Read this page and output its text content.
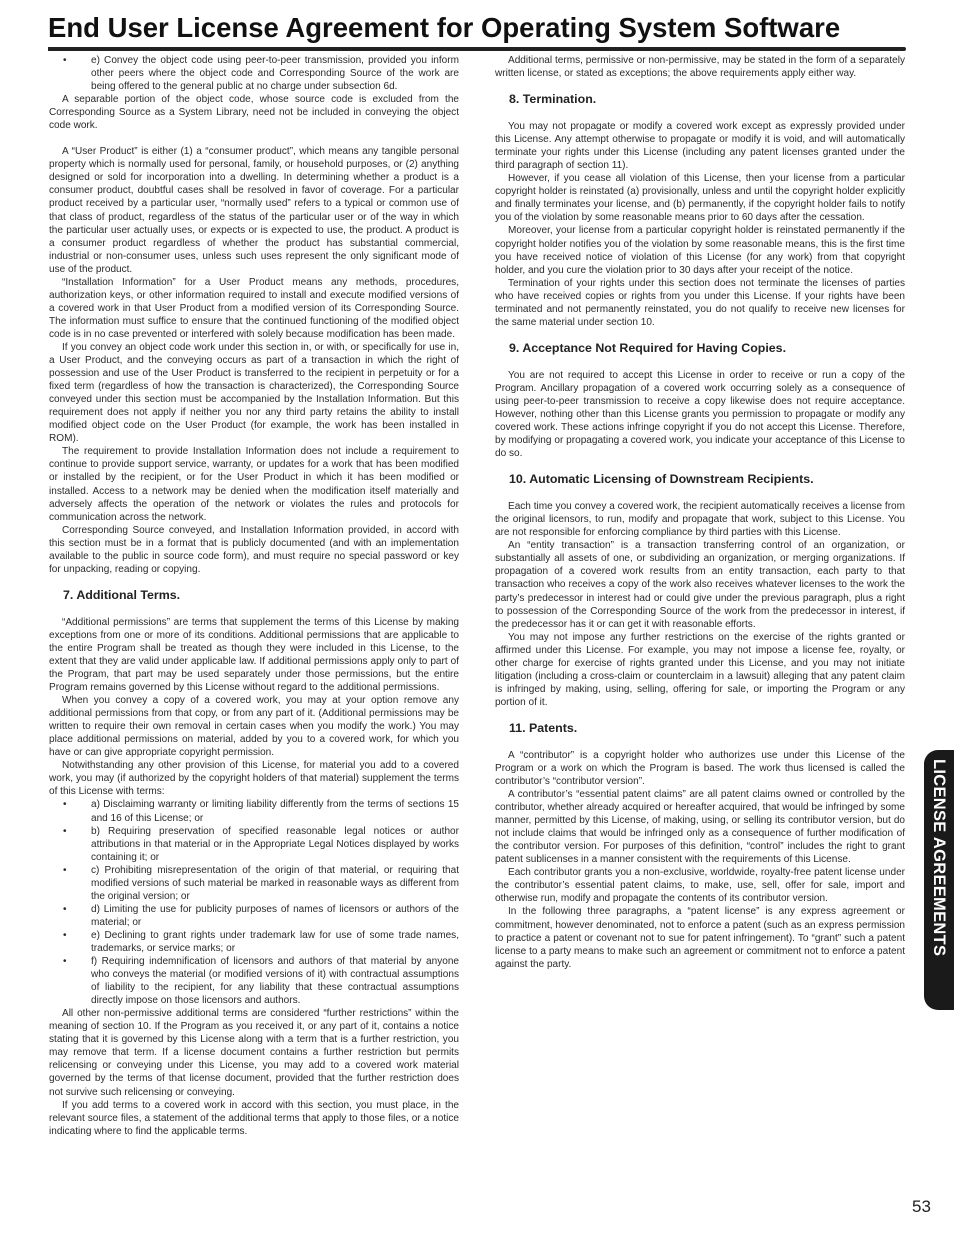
End User License Agreement for Operating System Software
• e) Convey the object code using peer-to-peer transmission, provided you inform other peers where the object code and Corresponding Source of the work are being offered to the general public at no charge under subsection 6d.

A separable portion of the object code, whose source code is excluded from the Corresponding Source as a System Library, need not be included in conveying the object code work.

A “User Product” is either (1) a “consumer product”, which means any tangible personal property which is normally used for personal, family, or household purposes, or (2) anything designed or sold for incorporation into a dwelling. In determining whether a product is a consumer product, doubtful cases shall be resolved in favor of coverage. For a particular product received by a particular user, “normally used” refers to a typical or common use of that class of product, regardless of the status of the particular user or of the way in which the particular user actually uses, or expects or is expected to use, the product. A product is a consumer product regardless of whether the product has substantial commercial, industrial or non-consumer uses, unless such uses represent the only significant mode of use of the product.

“Installation Information” for a User Product means any methods, procedures, authorization keys, or other information required to install and execute modified versions of a covered work in that User Product from a modified version of its Corresponding Source. The information must suffice to ensure that the continued functioning of the modified object code is in no case prevented or interfered with solely because modification has been made.

If you convey an object code work under this section in, or with, or specifically for use in, a User Product, and the conveying occurs as part of a transaction in which the right of possession and use of the User Product is transferred to the recipient in perpetuity or for a fixed term (regardless of how the transaction is characterized), the Corresponding Source conveyed under this section must be accompanied by the Installation Information. But this requirement does not apply if neither you nor any third party retains the ability to install modified object code on the User Product (for example, the work has been installed in ROM).

The requirement to provide Installation Information does not include a requirement to continue to provide support service, warranty, or updates for a work that has been modified or installed by the recipient, or for the User Product in which it has been modified or installed. Access to a network may be denied when the modification itself materially and adversely affects the operation of the network or violates the rules and protocols for communication across the network.

Corresponding Source conveyed, and Installation Information provided, in accord with this section must be in a format that is publicly documented (and with an implementation available to the public in source code form), and must require no special password or key for unpacking, reading or copying.

7. Additional Terms.

“Additional permissions” are terms that supplement the terms of this License by making exceptions from one or more of its conditions. Additional permissions that are applicable to the entire Program shall be treated as though they were included in this License, to the extent that they are valid under applicable law. If additional permissions apply only to part of the Program, that part may be used separately under those permissions, but the entire Program remains governed by this License without regard to the additional permissions.

When you convey a copy of a covered work, you may at your option remove any additional permissions from that copy, or from any part of it. (Additional permissions may be written to require their own removal in certain cases when you modify the work.) You may place additional permissions on material, added by you to a covered work, for which you have or can give appropriate copyright permission.

Notwithstanding any other provision of this License, for material you add to a covered work, you may (if authorized by the copyright holders of that material) supplement the terms of this License with terms:

• a) Disclaiming warranty or limiting liability differently from the terms of sections 15 and 16 of this License; or
• b) Requiring preservation of specified reasonable legal notices or author attributions in that material or in the Appropriate Legal Notices displayed by works containing it; or
• c) Prohibiting misrepresentation of the origin of that material, or requiring that modified versions of such material be marked in reasonable ways as different from the original version; or
• d) Limiting the use for publicity purposes of names of licensors or authors of the material; or
• e) Declining to grant rights under trademark law for use of some trade names, trademarks, or service marks; or
• f) Requiring indemnification of licensors and authors of that material by anyone who conveys the material (or modified versions of it) with contractual assumptions of liability to the recipient, for any liability that these contractual assumptions directly impose on those licensors and authors.

All other non-permissive additional terms are considered “further restrictions” within the meaning of section 10. If the Program as you received it, or any part of it, contains a notice stating that it is governed by this License along with a term that is a further restriction, you may remove that term. If a license document contains a further restriction but permits relicensing or conveying under this License, you may add to a covered work material governed by the terms of that license document, provided that the further restriction does not survive such relicensing or conveying.

If you add terms to a covered work in accord with this section, you must place, in the relevant source files, a statement of the additional terms that apply to those files, or a notice indicating where to find the applicable terms.

Additional terms, permissive or non-permissive, may be stated in the form of a separately written license, or stated as exceptions; the above requirements apply either way.

8. Termination.

You may not propagate or modify a covered work except as expressly provided under this License. Any attempt otherwise to propagate or modify it is void, and will automatically terminate your rights under this License (including any patent licenses granted under the third paragraph of section 11).

However, if you cease all violation of this License, then your license from a particular copyright holder is reinstated (a) provisionally, unless and until the copyright holder explicitly and finally terminates your license, and (b) permanently, if the copyright holder fails to notify you of the violation by some reasonable means prior to 60 days after the cessation.

Moreover, your license from a particular copyright holder is reinstated permanently if the copyright holder notifies you of the violation by some reasonable means, this is the first time you have received notice of violation of this License (for any work) from that copyright holder, and you cure the violation prior to 30 days after your receipt of the notice.

Termination of your rights under this section does not terminate the licenses of parties who have received copies or rights from you under this License. If your rights have been terminated and not permanently reinstated, you do not qualify to receive new licenses for the same material under section 10.

9. Acceptance Not Required for Having Copies.

You are not required to accept this License in order to receive or run a copy of the Program. Ancillary propagation of a covered work occurring solely as a consequence of using peer-to-peer transmission to receive a copy likewise does not require acceptance. However, nothing other than this License grants you permission to propagate or modify any covered work. These actions infringe copyright if you do not accept this License. Therefore, by modifying or propagating a covered work, you indicate your acceptance of this License to do so.

10. Automatic Licensing of Downstream Recipients.

Each time you convey a covered work, the recipient automatically receives a license from the original licensors, to run, modify and propagate that work, subject to this License. You are not responsible for enforcing compliance by third parties with this License.

An “entity transaction” is a transaction transferring control of an organization, or substantially all assets of one, or subdividing an organization, or merging organizations. If propagation of a covered work results from an entity transaction, each party to that transaction who receives a copy of the work also receives whatever licenses to the work the party’s predecessor in interest had or could give under the previous paragraph, plus a right to possession of the Corresponding Source of the work from the predecessor in interest, if the predecessor has it or can get it with reasonable efforts.

You may not impose any further restrictions on the exercise of the rights granted or affirmed under this License. For example, you may not impose a license fee, royalty, or other charge for exercise of rights granted under this License, and you may not initiate litigation (including a cross-claim or counterclaim in a lawsuit) alleging that any patent claim is infringed by making, using, selling, offering for sale, or importing the Program or any portion of it.

11. Patents.

A “contributor” is a copyright holder who authorizes use under this License of the Program or a work on which the Program is based. The work thus licensed is called the contributor’s “contributor version”.

A contributor’s “essential patent claims” are all patent claims owned or controlled by the contributor, whether already acquired or hereafter acquired, that would be infringed by some manner, permitted by this License, of making, using, or selling its contributor version, but do not include claims that would be infringed only as a consequence of further modification of the contributor version. For purposes of this definition, “control” includes the right to grant patent sublicenses in a manner consistent with the requirements of this License.

Each contributor grants you a non-exclusive, worldwide, royalty-free patent license under the contributor’s essential patent claims, to make, use, sell, offer for sale, import and otherwise run, modify and propagate the contents of its contributor version.

In the following three paragraphs, a “patent license” is any express agreement or commitment, however denominated, not to enforce a patent (such as an express permission to practice a patent or covenant not to sue for patent infringement). To “grant” such a patent license to a party means to make such an agreement or commitment not to enforce a patent against the party.

LICENSE AGREEMENTS
53
